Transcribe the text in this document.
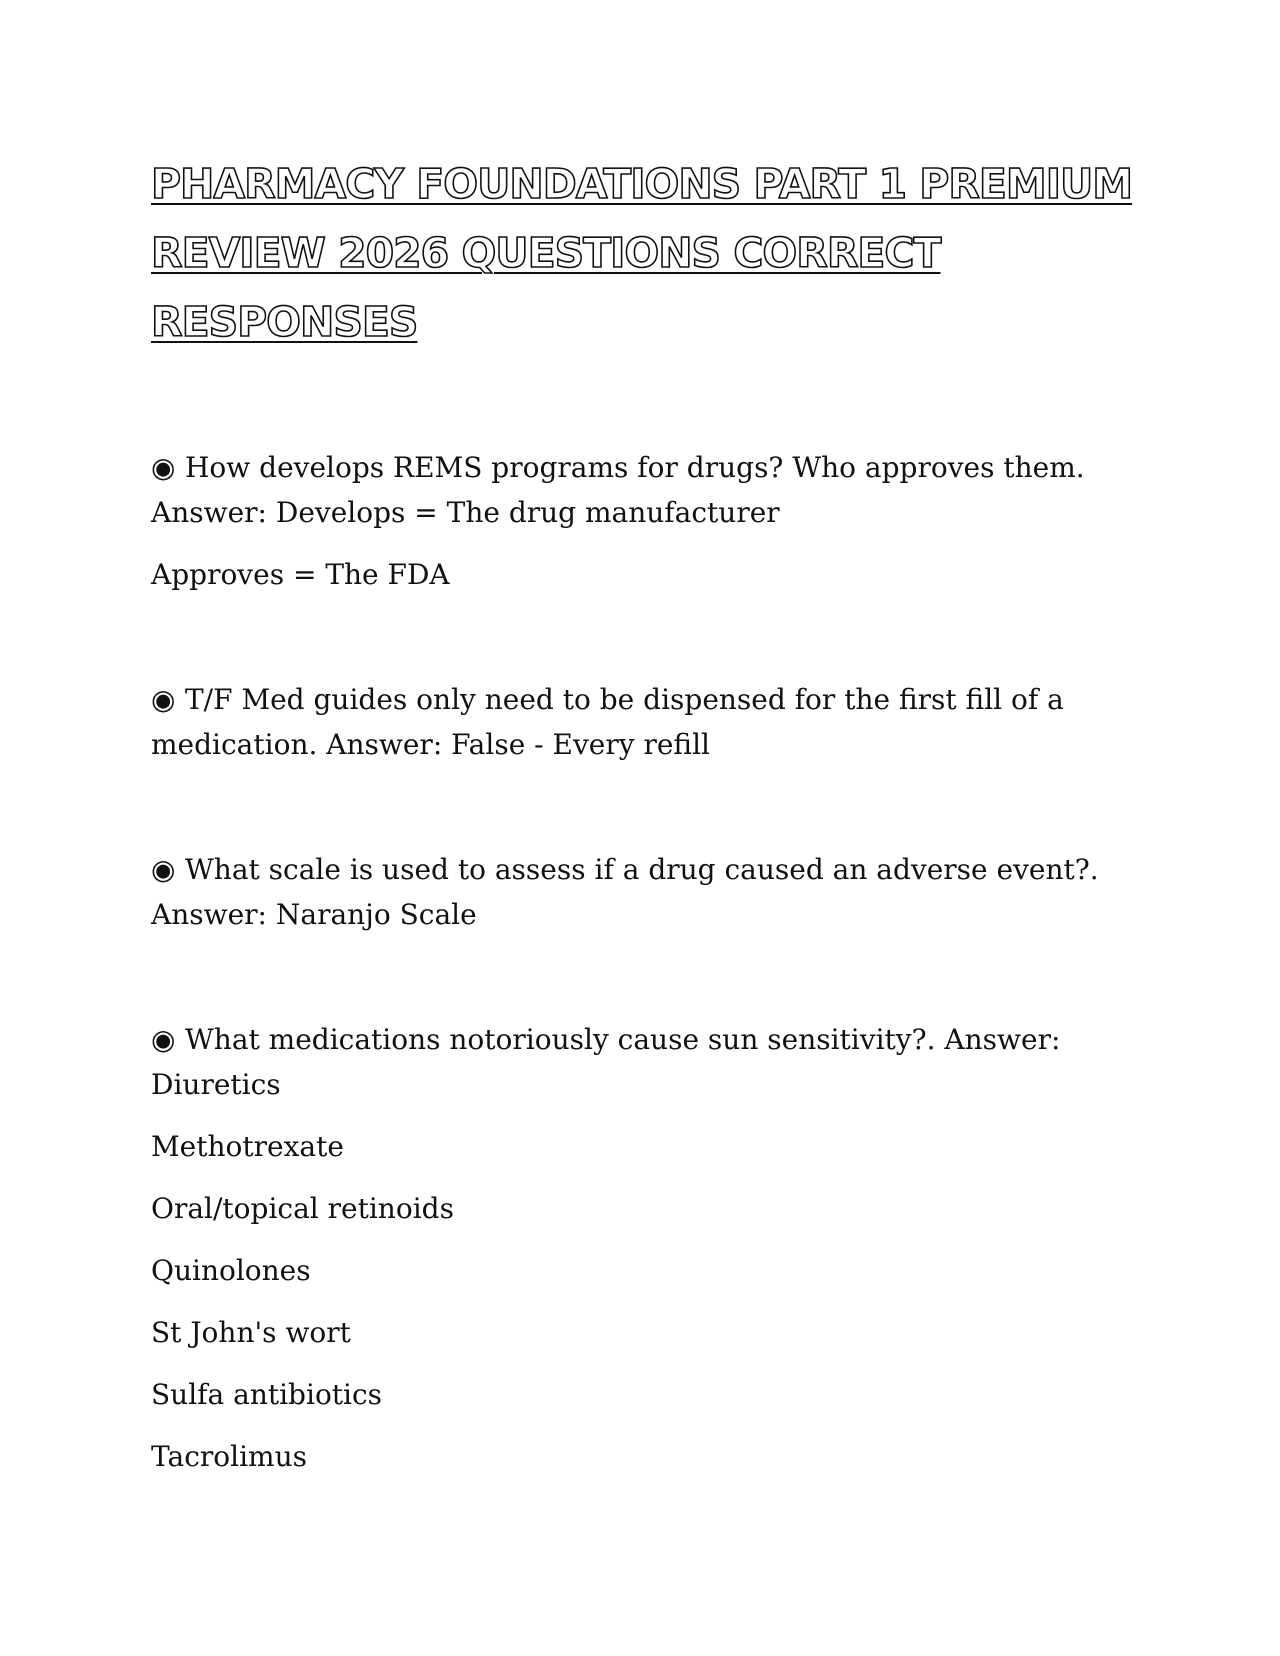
PHARMACY FOUNDATIONS PART 1 PREMIUM
REVIEW 2026 QUESTIONS CORRECT
RESPONSES

◉ How develops REMS programs for drugs? Who approves them.
Answer: Develops = The drug manufacturer

Approves = The FDA

◉ T/F Med guides only need to be dispensed for the first fill of a
medication. Answer: False - Every refill

◉ What scale is used to assess if a drug caused an adverse event?.
Answer: Naranjo Scale

◉ What medications notoriously cause sun sensitivity?. Answer:
Diuretics

Methotrexate

Oral/topical retinoids

Quinolones

St John's wort

Sulfa antibiotics

Tacrolimus
